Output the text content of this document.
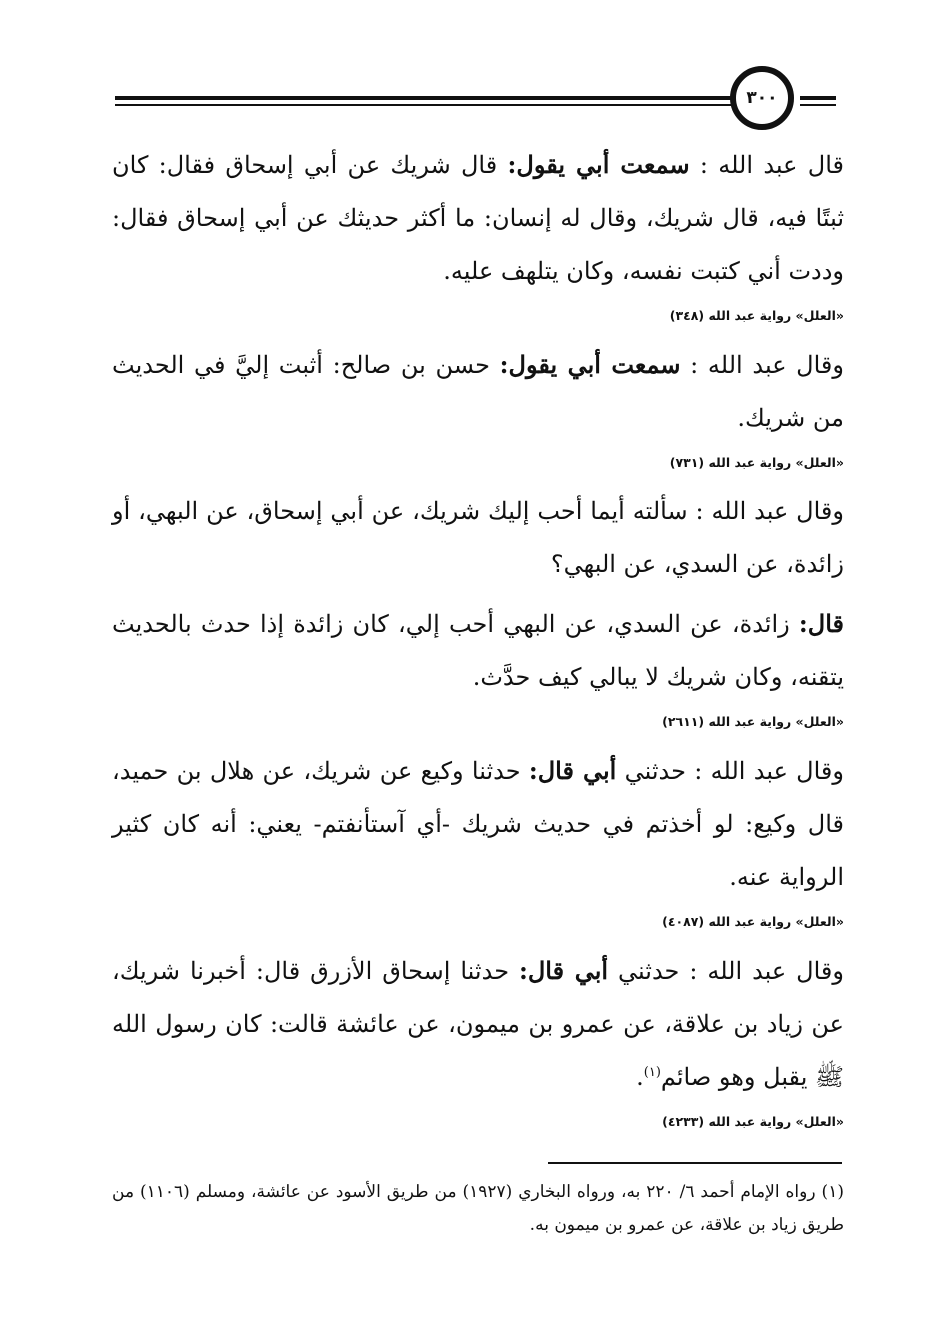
٣٠٠

قال عبد الله : سمعت أبي يقول: قال شريك عن أبي إسحاق فقال: كان ثبتًا فيه، قال شريك، وقال له إنسان: ما أكثر حديثك عن أبي إسحاق فقال: وددت أني كتبت نفسه، وكان يتلهف عليه.

«العلل» رواية عبد الله (٣٤٨)

وقال عبد الله : سمعت أبي يقول: حسن بن صالح: أثبت إليَّ في الحديث من شريك.

«العلل» رواية عبد الله (٧٣١)

وقال عبد الله : سألته أيما أحب إليك شريك، عن أبي إسحاق، عن البهي، أو زائدة، عن السدي، عن البهي؟

قال: زائدة، عن السدي، عن البهي أحب إلي، كان زائدة إذا حدث بالحديث يتقنه، وكان شريك لا يبالي كيف حدَّث.

«العلل» رواية عبد الله (٢٦١١)

وقال عبد الله : حدثني أبي قال: حدثنا وكيع عن شريك، عن هلال بن حميد، قال وكيع: لو أخذتم في حديث شريك -أي آستأنفتم- يعني: أنه كان كثير الرواية عنه.

«العلل» رواية عبد الله (٤٠٨٧)

وقال عبد الله : حدثني أبي قال: حدثنا إسحاق الأزرق قال: أخبرنا شريك، عن زياد بن علاقة، عن عمرو بن ميمون، عن عائشة قالت: كان رسول الله ﷺ يقبل وهو صائم$^{(١)}$.

«العلل» رواية عبد الله (٤٢٣٣)
(١)رواه الإمام أحمد ٦/ ٢٢٠ به، ورواه البخاري (١٩٢٧) من طريق الأسود عن عائشة، ومسلم (١١٠٦) من طريق زياد بن علاقة، عن عمرو بن ميمون به.
